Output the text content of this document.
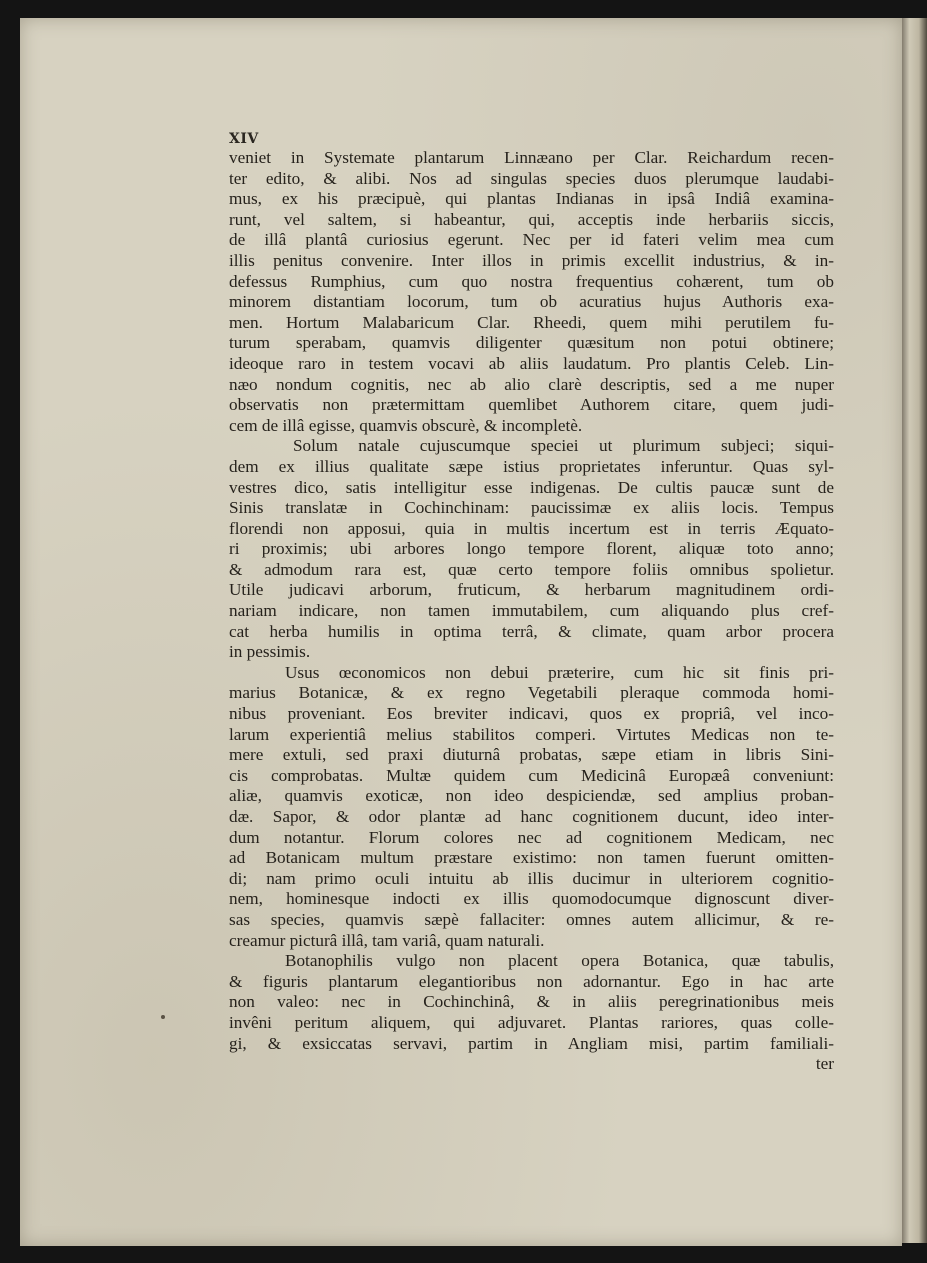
XIV
veniet in Systemate plantarum Linnæano per Clar. Reichardum recen-
ter edito, & alibi. Nos ad singulas species duos plerumque laudabi-
mus, ex his præcipuè, qui plantas Indianas in ipsâ Indiâ examina-
runt, vel saltem, si habeantur, qui, acceptis inde herbariis siccis,
de illâ plantâ curiosius egerunt. Nec per id fateri velim mea cum
illis penitus convenire. Inter illos in primis excellit industrius, & in-
defessus Rumphius, cum quo nostra frequentius cohærent, tum ob
minorem distantiam locorum, tum ob acuratius hujus Authoris exa-
men. Hortum Malabaricum Clar. Rheedi, quem mihi perutilem fu-
turum sperabam, quamvis diligenter quæsitum non potui obtinere;
ideoque raro in testem vocavi ab aliis laudatum. Pro plantis Celeb. Lin-
næo nondum cognitis, nec ab alio clarè descriptis, sed a me nuper
observatis non prætermittam quemlibet Authorem citare, quem judi-
cem de illâ egisse, quamvis obscurè, & incompletè.
Solum natale cujuscumque speciei ut plurimum subjeci; siqui-
dem ex illius qualitate sæpe istius proprietates inferuntur. Quas syl-
vestres dico, satis intelligitur esse indigenas. De cultis paucæ sunt de
Sinis translatæ in Cochinchinam: paucissimæ ex aliis locis. Tempus
florendi non apposui, quia in multis incertum est in terris Æquato-
ri proximis; ubi arbores longo tempore florent, aliquæ toto anno;
& admodum rara est, quæ certo tempore foliis omnibus spolietur.
Utile judicavi arborum, fruticum, & herbarum magnitudinem ordi-
nariam indicare, non tamen immutabilem, cum aliquando plus cref-
cat herba humilis in optima terrâ, & climate, quam arbor procera
in pessimis.
Usus œconomicos non debui præterire, cum hic sit finis pri-
marius Botanicæ, & ex regno Vegetabili pleraque commoda homi-
nibus proveniant. Eos breviter indicavi, quos ex propriâ, vel inco-
larum experientiâ melius stabilitos comperi. Virtutes Medicas non te-
mere extuli, sed praxi diuturnâ probatas, sæpe etiam in libris Sini-
cis comprobatas. Multæ quidem cum Medicinâ Europæâ conveniunt:
aliæ, quamvis exoticæ, non ideo despiciendæ, sed amplius proban-
dæ. Sapor, & odor plantæ ad hanc cognitionem ducunt, ideo inter-
dum notantur. Florum colores nec ad cognitionem Medicam, nec
ad Botanicam multum præstare existimo: non tamen fuerunt omitten-
di; nam primo oculi intuitu ab illis ducimur in ulteriorem cognitio-
nem, hominesque indocti ex illis quomodocumque dignoscunt diver-
sas species, quamvis sæpè fallaciter: omnes autem allicimur, & re-
creamur picturâ illâ, tam variâ, quam naturali.
Botanophilis vulgo non placent opera Botanica, quæ tabulis,
& figuris plantarum elegantioribus non adornantur. Ego in hac arte
non valeo: nec in Cochinchinâ, & in aliis peregrinationibus meis
invêni peritum aliquem, qui adjuvaret. Plantas rariores, quas colle-
gi, & exsiccatas servavi, partim in Angliam misi, partim familiali-
ter
